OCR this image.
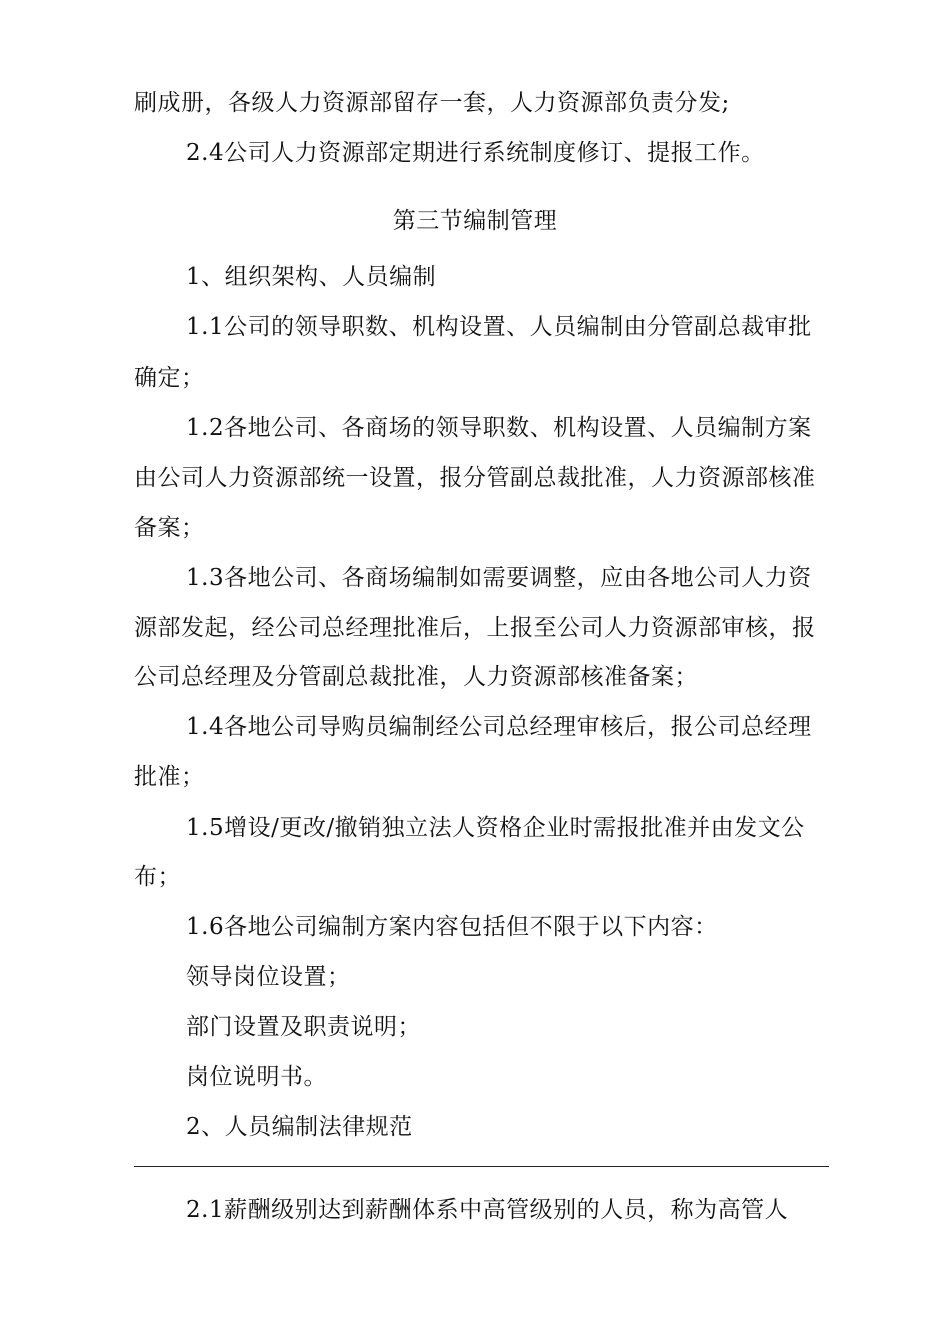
刷成册，各级人力资源部留存一套，人力资源部负责分发;
2.4公司人力资源部定期进行系统制度修订、提报工作。
第三节编制管理
1、组织架构、人员编制
1.1公司的领导职数、机构设置、人员编制由分管副总裁审批
确定；
1.2各地公司、各商场的领导职数、机构设置、人员编制方案
由公司人力资源部统一设置，报分管副总裁批准，人力资源部核准
备案；
1.3各地公司、各商场编制如需要调整，应由各地公司人力资
源部发起，经公司总经理批准后，上报至公司人力资源部审核，报
公司总经理及分管副总裁批准，人力资源部核准备案；
1.4各地公司导购员编制经公司总经理审核后，报公司总经理
批准；
1.5增设/更改/撤销独立法人资格企业时需报批准并由发文公
布；
1.6各地公司编制方案内容包括但不限于以下内容：
领导岗位设置；
部门设置及职责说明；
岗位说明书。
2、人员编制法律规范
2.1薪酬级别达到薪酬体系中高管级别的人员，称为高管人
